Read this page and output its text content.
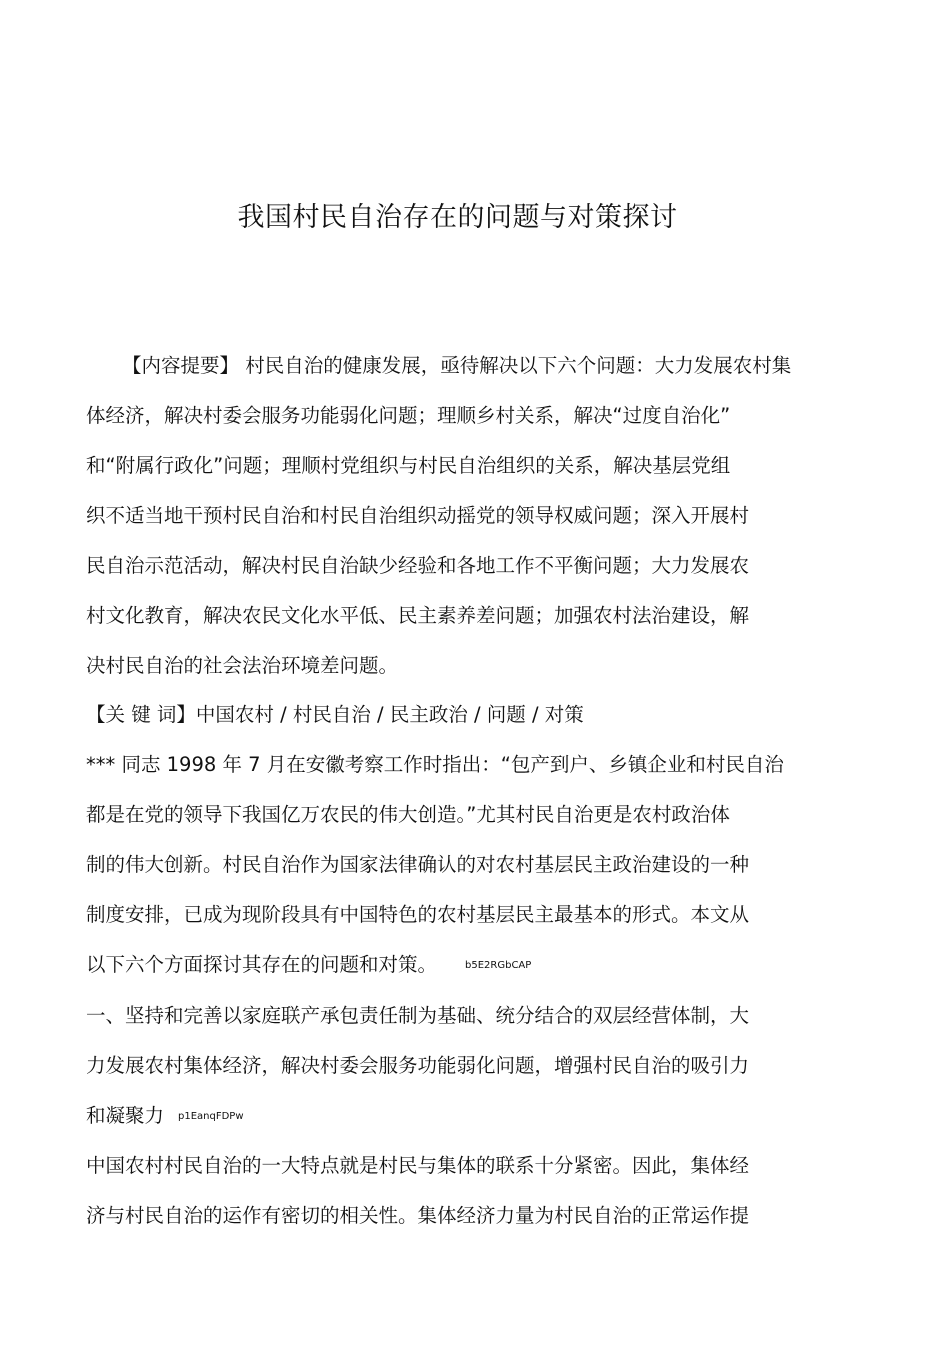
我国村民自治存在的问题与对策探讨
【内容提要】 村民自治的健康发展，亟待解决以下六个问题：大力发展农村集
体经济，解决村委会服务功能弱化问题；理顺乡村关系，解决“过度自治化”
和“附属行政化”问题；理顺村党组织与村民自治组织的关系，解决基层党组
织不适当地干预村民自治和村民自治组织动摇党的领导权威问题；深入开展村
民自治示范活动，解决村民自治缺少经验和各地工作不平衡问题；大力发展农
村文化教育，解决农民文化水平低、民主素养差问题；加强农村法治建设，解
决村民自治的社会法治环境差问题。
【关 键 词】中国农村 / 村民自治 / 民主政治 / 问题 / 对策
*** 同志 1998 年 7 月在安徽考察工作时指出：“包产到户、乡镇企业和村民自治
都是在党的领导下我国亿万农民的伟大创造。”尤其村民自治更是农村政治体
制的伟大创新。村民自治作为国家法律确认的对农村基层民主政治建设的一种
制度安排，已成为现阶段具有中国特色的农村基层民主最基本的形式。本文从
以下六个方面探讨其存在的问题和对策。	b5E2RGbCAP
一、坚持和完善以家庭联产承包责任制为基础、统分结合的双层经营体制，大
力发展农村集体经济，解决村委会服务功能弱化问题，增强村民自治的吸引力
和凝聚力 p1EanqFDPw
中国农村村民自治的一大特点就是村民与集体的联系十分紧密。因此，集体经
济与村民自治的运作有密切的相关性。集体经济力量为村民自治的正常运作提
